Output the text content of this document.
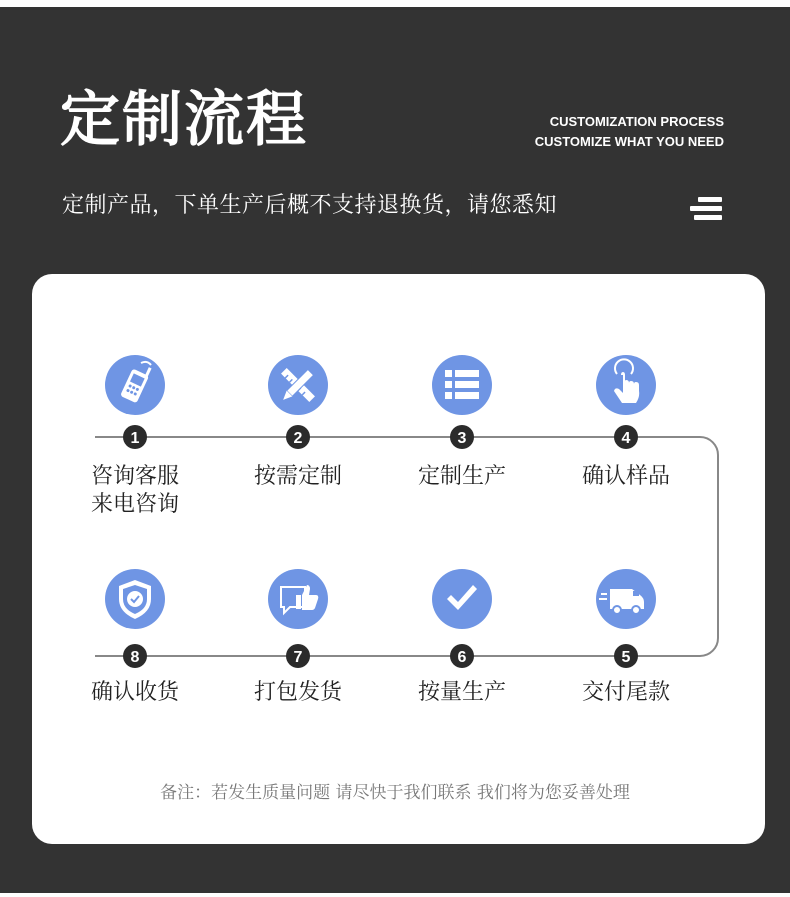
定制流程	CUSTOMIZATION PROCESS
CUSTOMIZE WHAT YOU NEED
定制产品，下单生产后概不支持退换货，请您悉知
1	2	3	4
5
6
7
8
咨询客服
来电咨询
按需定制	定制生产	确认样品
交付尾款
按量生产
打包发货
确认收货
备注：若发生质量问题 请尽快于我们联系 我们将为您妥善处理
